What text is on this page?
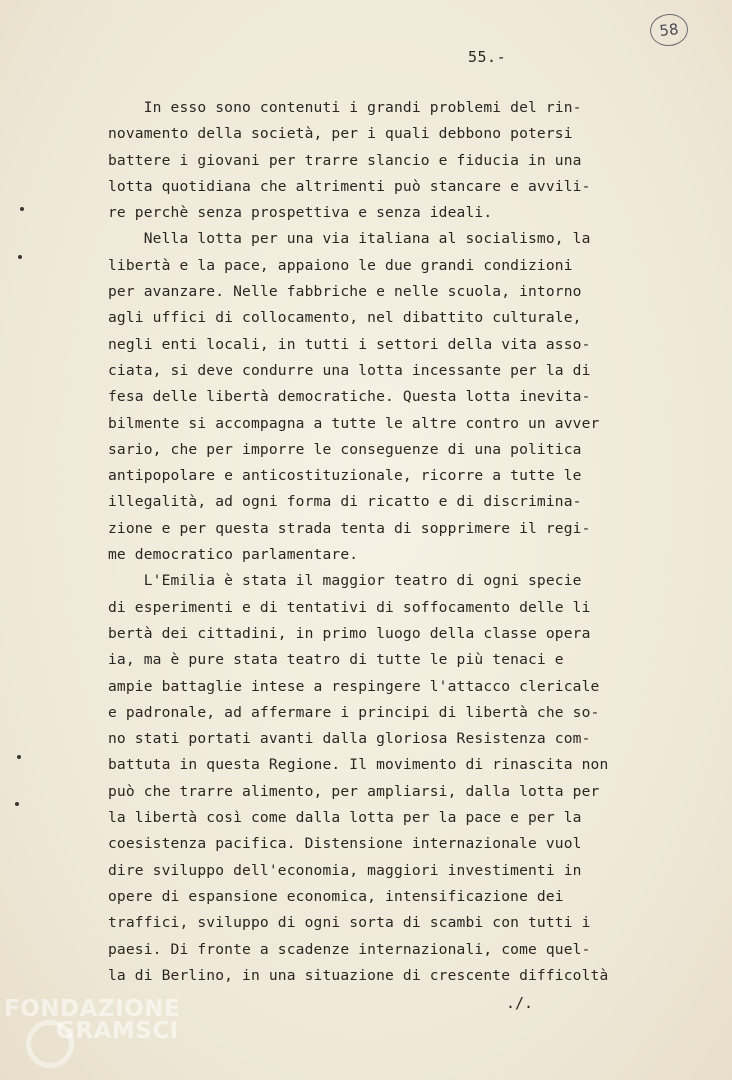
58
55.-
In esso sono contenuti i grandi problemi del rin-
novamento della società, per i quali debbono potersi
battere i giovani per trarre slancio e fiducia in una
lotta quotidiana che altrimenti può stancare e avvili-
re perchè senza prospettiva e senza ideali.
Nella lotta per una via italiana al socialismo, la
libertà e la pace, appaiono le due grandi condizioni
per avanzare. Nelle fabbriche e nelle scuola, intorno
agli uffici di collocamento, nel dibattito culturale,
negli enti locali, in tutti i settori della vita asso-
ciata, si deve condurre una lotta incessante per la di
fesa delle libertà democratiche. Questa lotta inevita-
bilmente si accompagna a tutte le altre contro un avver
sario, che per imporre le conseguenze di una politica
antipopolare e anticostituzionale, ricorre a tutte le
illegalità, ad ogni forma di ricatto e di discrimina-
zione e per questa strada tenta di sopprimere il regi-
me democratico parlamentare.
L'Emilia è stata il maggior teatro di ogni specie
di esperimenti e di tentativi di soffocamento delle li
bertà dei cittadini, in primo luogo della classe opera
ia, ma è pure stata teatro di tutte le più tenaci e
ampie battaglie intese a respingere l'attacco clericale
e padronale, ad affermare i principi di libertà che so-
no stati portati avanti dalla gloriosa Resistenza com-
battuta in questa Regione. Il movimento di rinascita non
può che trarre alimento, per ampliarsi, dalla lotta per
la libertà così come dalla lotta per la pace e per la
coesistenza pacifica. Distensione internazionale vuol
dire sviluppo dell'economia, maggiori investimenti in
opere di espansione economica, intensificazione dei
traffici, sviluppo di ogni sorta di scambi con tutti i
paesi. Di fronte a scadenze internazionali, come quel-
la di Berlino, in una situazione di crescente difficoltà
./.
FONDAZIONE
GRAMSCI
